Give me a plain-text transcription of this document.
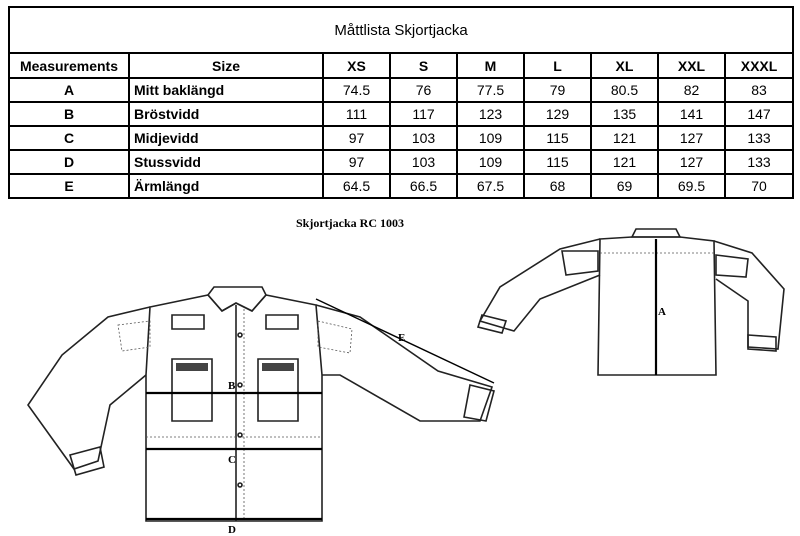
Måttlista Skjortjacka								
Measurements	Size	XS	S	M	L	XL	XXL	XXXL
A	Mitt baklängd	74.5	76	77.5	79	80.5	82	83
B	Bröstvidd	111	117	123	129	135	141	147
C	Midjevidd	97	103	109	115	121	127	133
D	Stussvidd	97	103	109	115	121	127	133
E	Ärmlängd	64.5	66.5	67.5	68	69	69.5	70
Skjortjacka RC 1003
A
B
C
D
E
